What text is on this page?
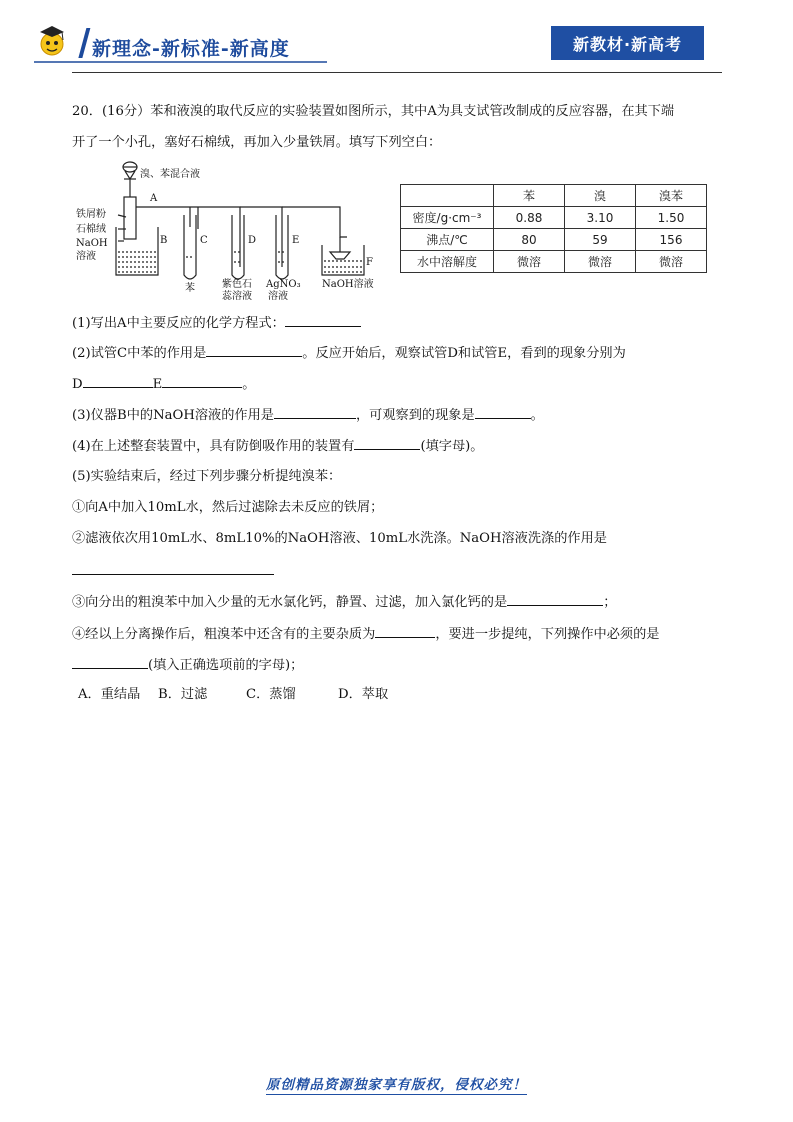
新理念-新标准-新高度	新教材·新高考
20．(16分）苯和液溴的取代反应的实验装置如图所示，其中A为具支试管改制成的反应容器，在其下端
开了一个小孔，塞好石棉绒，再加入少量铁屑。填写下列空白：
溴、苯混合液
A
铁屑粉
石棉绒
NaOH
溶液
B	C	D	E
F
苯	紫色石
蕊溶液
AgNO₃
溶液
NaOH溶液
	苯	溴	溴苯
密度/g·cm⁻³	0.88	3.10	1.50
沸点/℃	80	59	156
水中溶解度	微溶	微溶	微溶
(1)写出A中主要反应的化学方程式：
(2)试管C中苯的作用是	。反应开始后，观察试管D和试管E，看到的现象分别为
D	E	。
(3)仪器B中的NaOH溶液的作用是	，可观察到的现象是	。
(4)在上述整套装置中，具有防倒吸作用的装置有	(填字母)。
(5)实验结束后，经过下列步骤分析提纯溴苯：
①向A中加入10mL水，然后过滤除去未反应的铁屑；
②滤液依次用10mL水、8mL10%的NaOH溶液、10mL水洗涤。NaOH溶液洗涤的作用是
③向分出的粗溴苯中加入少量的无水氯化钙，静置、过滤，加入氯化钙的是	；
④经以上分离操作后，粗溴苯中还含有的主要杂质为	，要进一步提纯，下列操作中必须的是
(填入正确选项前的字母)；
A．重结晶 B．过滤	C．蒸馏	D．萃取
原创精品资源独家享有版权，侵权必究！
